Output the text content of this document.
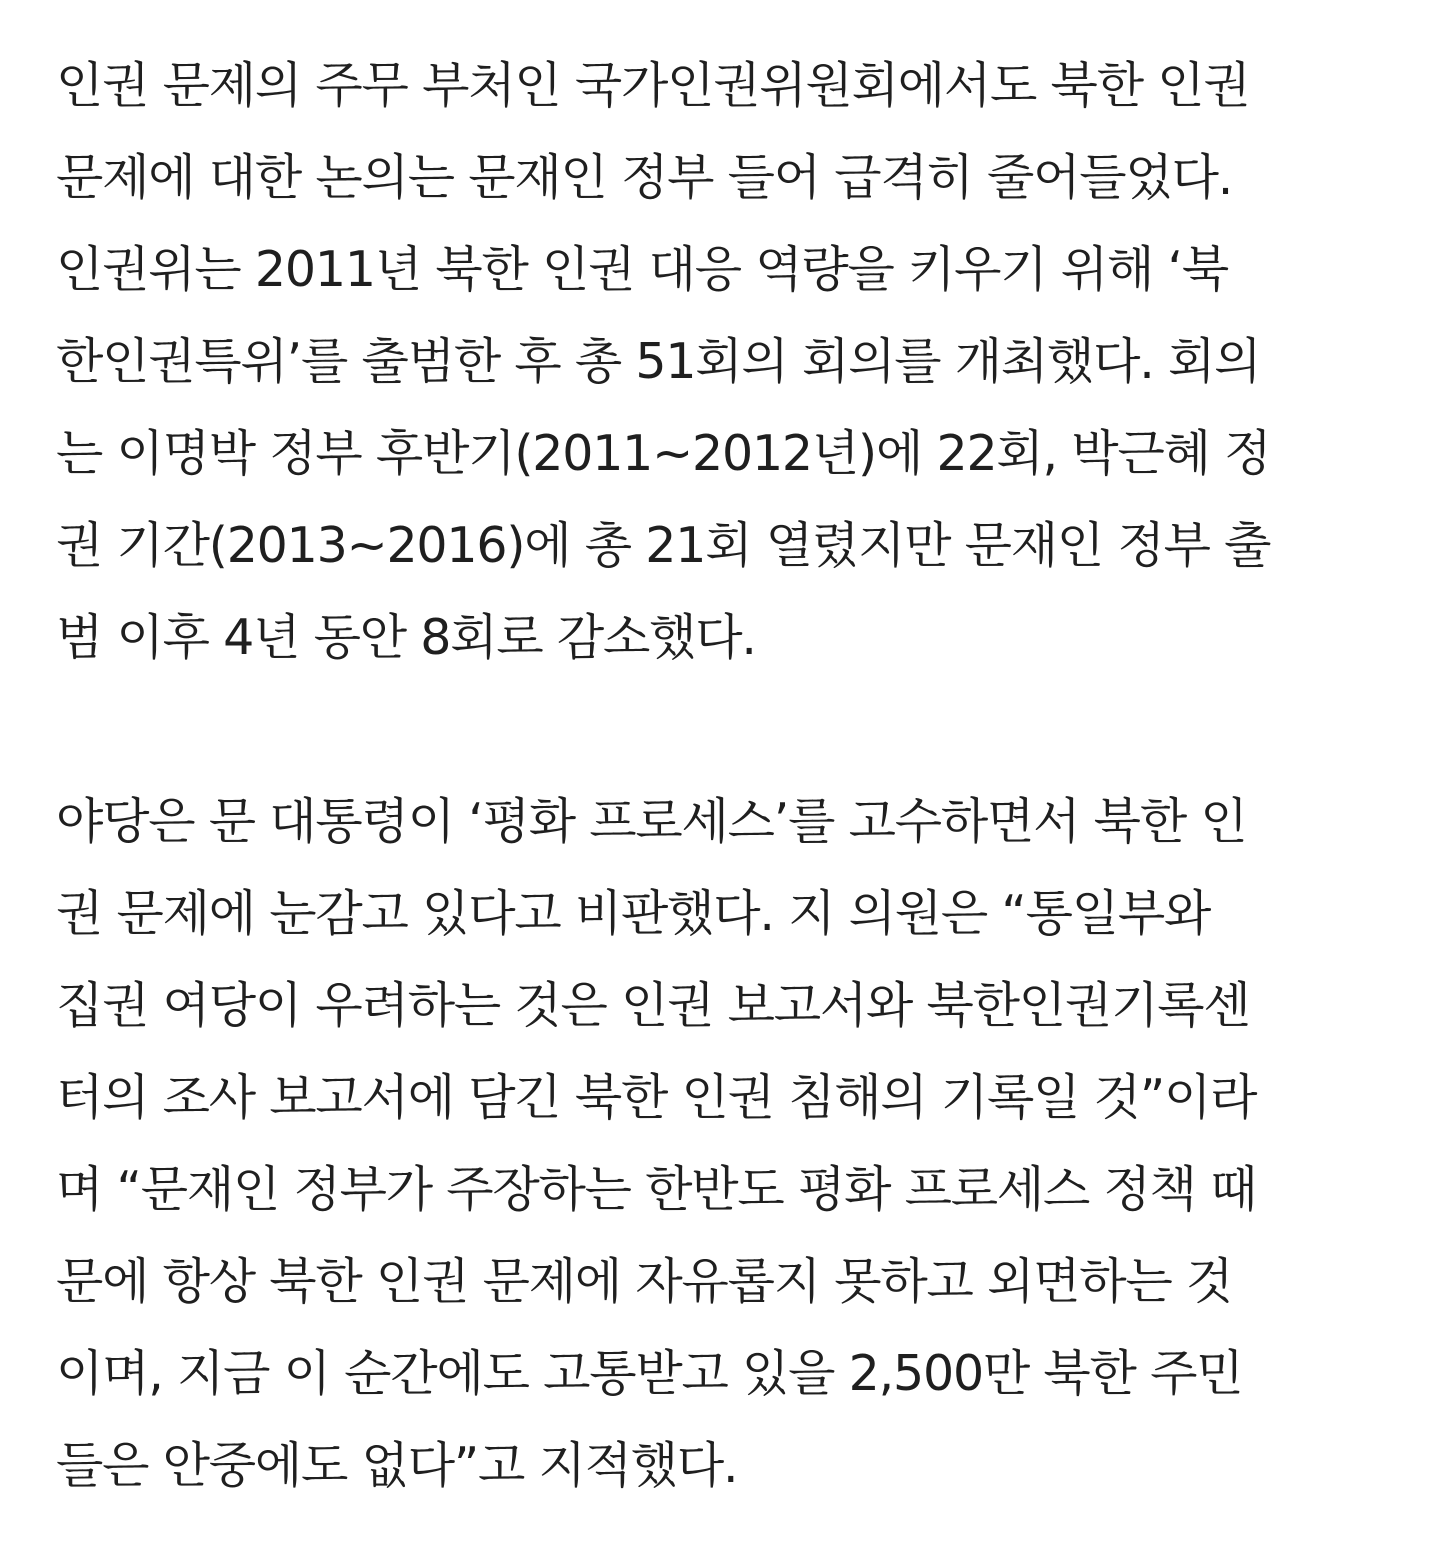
인권 문제의 주무 부처인 국가인권위원회에서도 북한 인권
문제에 대한 논의는 문재인 정부 들어 급격히 줄어들었다.
인권위는 2011년 북한 인권 대응 역량을 키우기 위해 ‘북
한인권특위’를 출범한 후 총 51회의 회의를 개최했다. 회의
는 이명박 정부 후반기(2011~2012년)에 22회, 박근혜 정
권 기간(2013~2016)에 총 21회 열렸지만 문재인 정부 출
범 이후 4년 동안 8회로 감소했다.
야당은 문 대통령이 ‘평화 프로세스’를 고수하면서 북한 인
권 문제에 눈감고 있다고 비판했다. 지 의원은 “통일부와
집권 여당이 우려하는 것은 인권 보고서와 북한인권기록센
터의 조사 보고서에 담긴 북한 인권 침해의 기록일 것”이라
며 “문재인 정부가 주장하는 한반도 평화 프로세스 정책 때
문에 항상 북한 인권 문제에 자유롭지 못하고 외면하는 것
이며, 지금 이 순간에도 고통받고 있을 2,500만 북한 주민
들은 안중에도 없다”고 지적했다.
